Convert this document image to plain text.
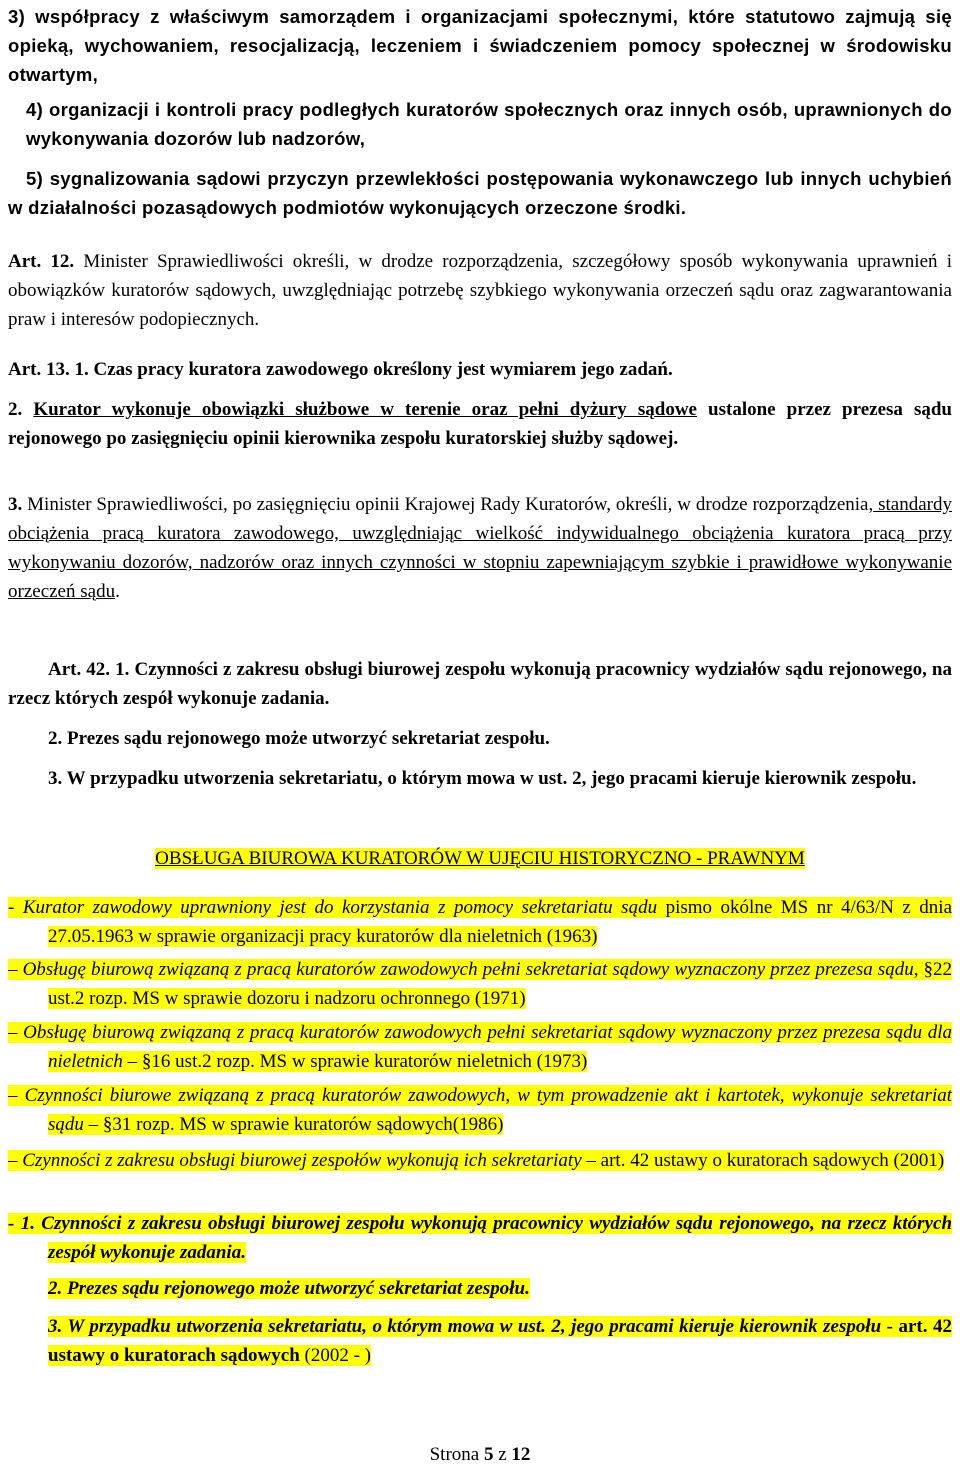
3) współpracy z właściwym samorządem i organizacjami społecznymi, które statutowo zajmują się opieką, wychowaniem, resocjalizacją, leczeniem i świadczeniem pomocy społecznej w środowisku otwartym,

4) organizacji i kontroli pracy podległych kuratorów społecznych oraz innych osób, uprawnionych do wykonywania dozorów lub nadzorów,

5) sygnalizowania sądowi przyczyn przewlekłości postępowania wykonawczego lub innych uchybień w działalności pozasądowych podmiotów wykonujących orzeczone środki.

Art. 12. Minister Sprawiedliwości określi, w drodze rozporządzenia, szczegółowy sposób wykonywania uprawnień i obowiązków kuratorów sądowych, uwzględniając potrzebę szybkiego wykonywania orzeczeń sądu oraz zagwarantowania praw i interesów podopiecznych.

Art. 13. 1. Czas pracy kuratora zawodowego określony jest wymiarem jego zadań.

2. Kurator wykonuje obowiązki służbowe w terenie oraz pełni dyżury sądowe ustalone przez prezesa sądu rejonowego po zasięgnięciu opinii kierownika zespołu kuratorskiej służby sądowej.

3. Minister Sprawiedliwości, po zasięgnięciu opinii Krajowej Rady Kuratorów, określi, w drodze rozporządzenia, standardy obciążenia pracą kuratora zawodowego, uwzględniając wielkość indywidualnego obciążenia kuratora pracą przy wykonywaniu dozorów, nadzorów oraz innych czynności w stopniu zapewniającym szybkie i prawidłowe wykonywanie orzeczeń sądu.

Art. 42. 1. Czynności z zakresu obsługi biurowej zespołu wykonują pracownicy wydziałów sądu rejonowego, na rzecz których zespół wykonuje zadania.

2. Prezes sądu rejonowego może utworzyć sekretariat zespołu.

3. W przypadku utworzenia sekretariatu, o którym mowa w ust. 2, jego pracami kieruje kierownik zespołu.

OBSŁUGA BIUROWA KURATORÓW W UJĘCIU HISTORYCZNO - PRAWNYM

- Kurator zawodowy uprawniony jest do korzystania z pomocy sekretariatu sądu pismo okólne MS nr 4/63/N z dnia 27.05.1963 w sprawie organizacji pracy kuratorów dla nieletnich (1963)

– Obsługę biurową związaną z pracą kuratorów zawodowych pełni sekretariat sądowy wyznaczony przez prezesa sądu, §22 ust.2 rozp. MS w sprawie dozoru i nadzoru ochronnego (1971)

– Obsługę biurową związaną z pracą kuratorów zawodowych pełni sekretariat sądowy wyznaczony przez prezesa sądu dla nieletnich – §16 ust.2 rozp. MS w sprawie kuratorów nieletnich (1973)

– Czynności biurowe związaną z pracą kuratorów zawodowych, w tym prowadzenie akt i kartotek, wykonuje sekretariat sądu – §31 rozp. MS w sprawie kuratorów sądowych(1986)

– Czynności z zakresu obsługi biurowej zespołów wykonują ich sekretariaty – art. 42 ustawy o kuratorach sądowych (2001)

- 1. Czynności z zakresu obsługi biurowej zespołu wykonują pracownicy wydziałów sądu rejonowego, na rzecz których zespół wykonuje zadania.

2. Prezes sądu rejonowego może utworzyć sekretariat zespołu.

3. W przypadku utworzenia sekretariatu, o którym mowa w ust. 2, jego pracami kieruje kierownik zespołu - art. 42 ustawy o kuratorach sądowych (2002 - )

Strona 5 z 12
